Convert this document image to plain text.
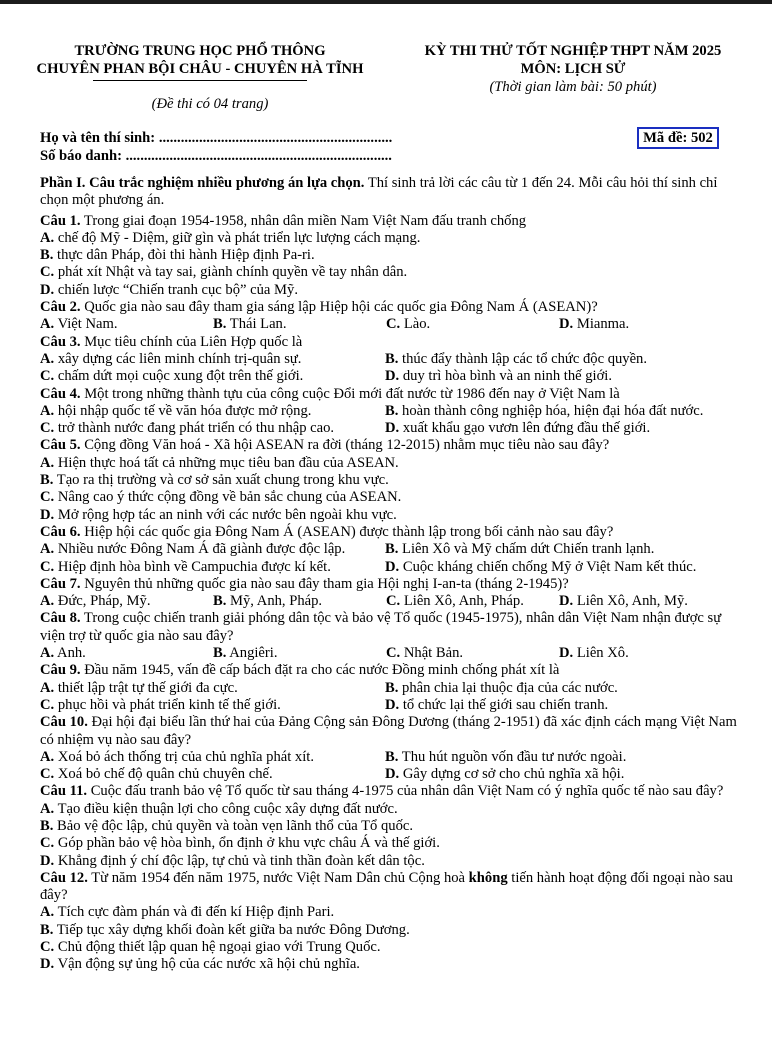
TRƯỜNG TRUNG HỌC PHỔ THÔNG
CHUYÊN PHAN BỘI CHÂU - CHUYÊN HÀ TĨNH
KỲ THI THỬ TỐT NGHIỆP THPT NĂM 2025
MÔN: LỊCH SỬ
(Thời gian làm bài: 50 phút)
(Đề thi có 04 trang)
Họ và tên thí sinh: ................................................................
Số báo danh: .........................................................................
Mã đề: 502

Phần I. Câu trắc nghiệm nhiều phương án lựa chọn. Thí sinh trả lời các câu từ 1 đến 24. Mỗi câu hỏi thí sinh chỉ chọn một phương án.

Câu 1. Trong giai đoạn 1954-1958, nhân dân miền Nam Việt Nam đấu tranh chống

A. chế độ Mỹ - Diệm, giữ gìn và phát triển lực lượng cách mạng.

B. thực dân Pháp, đòi thi hành Hiệp định Pa-ri.

C. phát xít Nhật và tay sai, giành chính quyền về tay nhân dân.

D. chiến lược “Chiến tranh cục bộ” của Mỹ.

Câu 2. Quốc gia nào sau đây tham gia sáng lập Hiệp hội các quốc gia Đông Nam Á (ASEAN)?

A. Việt Nam.	B. Thái Lan.	C. Lào.	D. Mianma.

Câu 3. Mục tiêu chính của Liên Hợp quốc là

A. xây dựng các liên minh chính trị-quân sự.	B. thúc đẩy thành lập các tổ chức độc quyền.
C. chấm dứt mọi cuộc xung đột trên thế giới.	D. duy trì hòa bình và an ninh thế giới.

Câu 4. Một trong những thành tựu của công cuộc Đổi mới đất nước từ 1986 đến nay ở Việt Nam là

A. hội nhập quốc tế về văn hóa được mở rộng.	B. hoàn thành công nghiệp hóa, hiện đại hóa đất nước.
C. trở thành nước đang phát triển có thu nhập cao.	D. xuất khẩu gạo vươn lên đứng đầu thế giới.

Câu 5. Cộng đồng Văn hoá - Xã hội ASEAN ra đời (tháng 12-2015) nhằm mục tiêu nào sau đây?

A. Hiện thực hoá tất cả những mục tiêu ban đầu của ASEAN.

B. Tạo ra thị trường và cơ sở sản xuất chung trong khu vực.

C. Nâng cao ý thức cộng đồng về bản sắc chung của ASEAN.

D. Mở rộng hợp tác an ninh với các nước bên ngoài khu vực.

Câu 6. Hiệp hội các quốc gia Đông Nam Á (ASEAN) được thành lập trong bối cảnh nào sau đây?

A. Nhiều nước Đông Nam Á đã giành được độc lập.	B. Liên Xô và Mỹ chấm dứt Chiến tranh lạnh.
C. Hiệp định hòa bình về Campuchia được kí kết.	D. Cuộc kháng chiến chống Mỹ ở Việt Nam kết thúc.

Câu 7. Nguyên thủ những quốc gia nào sau đây tham gia Hội nghị I-an-ta (tháng 2-1945)?

A. Đức, Pháp, Mỹ.	B. Mỹ, Anh, Pháp.	C. Liên Xô, Anh, Pháp.	D. Liên Xô, Anh, Mỹ.

Câu 8. Trong cuộc chiến tranh giải phóng dân tộc và bảo vệ Tổ quốc (1945-1975), nhân dân Việt Nam nhận được sự viện trợ từ quốc gia nào sau đây?

A. Anh.	B. Angiêri.	C. Nhật Bản.	D. Liên Xô.

Câu 9. Đầu năm 1945, vấn đề cấp bách đặt ra cho các nước Đồng minh chống phát xít là

A. thiết lập trật tự thế giới đa cực.	B. phân chia lại thuộc địa của các nước.
C. phục hồi và phát triển kinh tế thế giới.	D. tổ chức lại thế giới sau chiến tranh.

Câu 10. Đại hội đại biểu lần thứ hai của Đảng Cộng sản Đông Dương (tháng 2-1951) đã xác định cách mạng Việt Nam có nhiệm vụ nào sau đây?

A. Xoá bỏ ách thống trị của chủ nghĩa phát xít.	B. Thu hút nguồn vốn đầu tư nước ngoài.
C. Xoá bỏ chế độ quân chủ chuyên chế.	D. Gây dựng cơ sở cho chủ nghĩa xã hội.

Câu 11. Cuộc đấu tranh bảo vệ Tổ quốc từ sau tháng 4-1975 của nhân dân Việt Nam có ý nghĩa quốc tế nào sau đây?

A. Tạo điều kiện thuận lợi cho công cuộc xây dựng đất nước.

B. Bảo vệ độc lập, chủ quyền và toàn vẹn lãnh thổ của Tổ quốc.

C. Góp phần bảo vệ hòa bình, ổn định ở khu vực châu Á và thế giới.

D. Khẳng định ý chí độc lập, tự chủ và tinh thần đoàn kết dân tộc.

Câu 12. Từ năm 1954 đến năm 1975, nước Việt Nam Dân chủ Cộng hoà không tiến hành hoạt động đối ngoại nào sau đây?

A. Tích cực đàm phán và đi đến kí Hiệp định Pari.

B. Tiếp tục xây dựng khối đoàn kết giữa ba nước Đông Dương.

C. Chủ động thiết lập quan hệ ngoại giao với Trung Quốc.

D. Vận động sự ủng hộ của các nước xã hội chủ nghĩa.
